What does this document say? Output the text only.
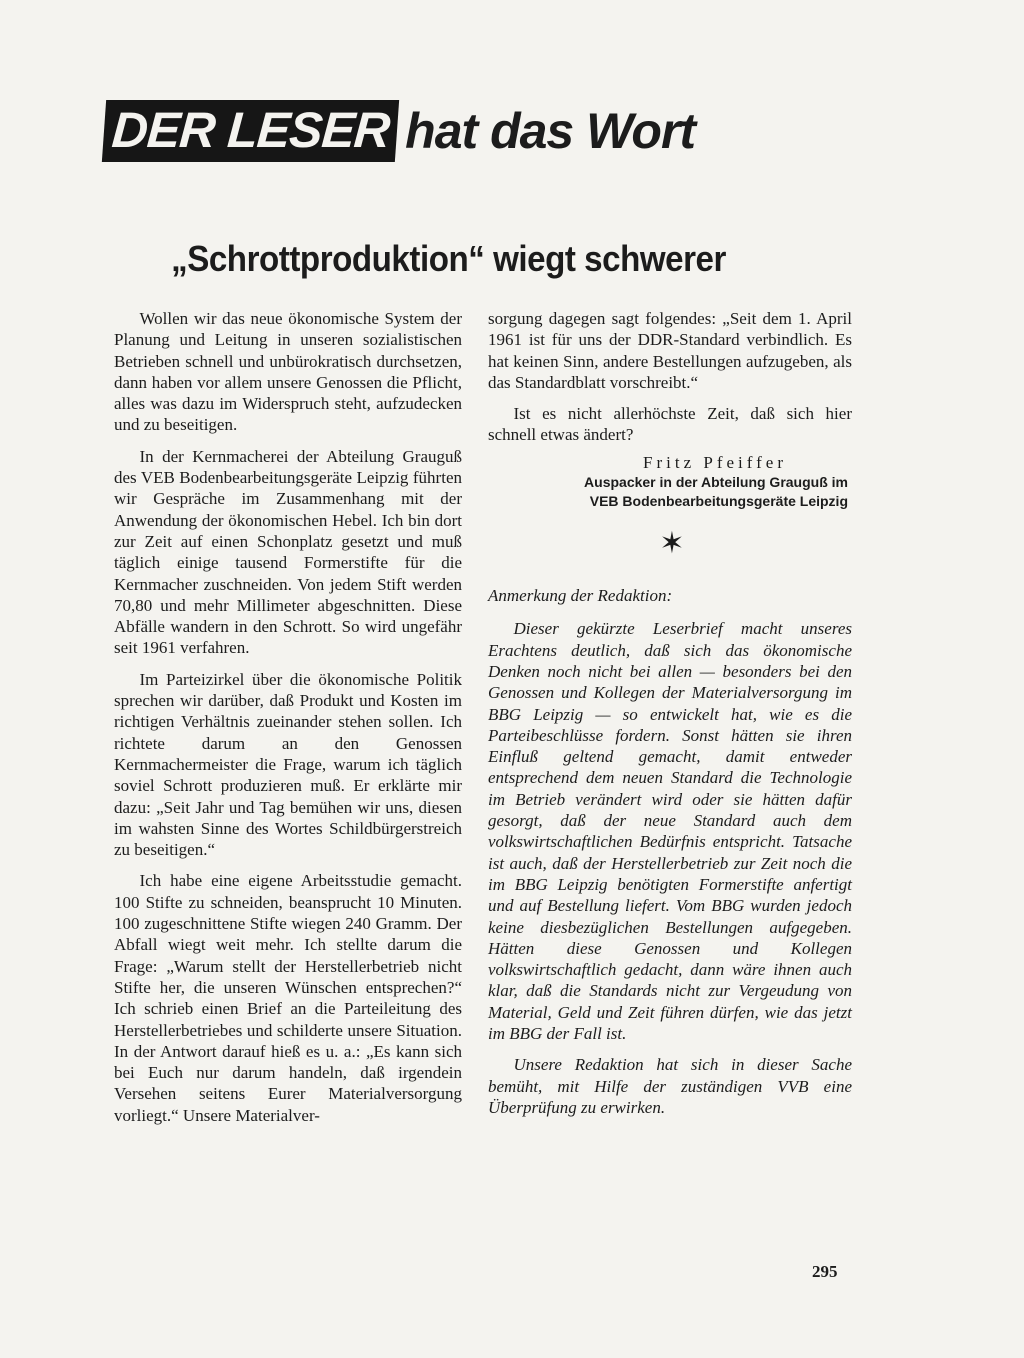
DER LESER hat das Wort
„Schrottproduktion“ wiegt schwerer

Wollen wir das neue ökonomische System der Planung und Leitung in unseren sozialistischen Betrieben schnell und unbürokratisch durchsetzen, dann haben vor allem unsere Genossen die Pflicht, alles was dazu im Widerspruch steht, aufzudecken und zu beseitigen.

In der Kernmacherei der Abteilung Grauguß des VEB Bodenbearbeitungsgeräte Leipzig führten wir Gespräche im Zusammenhang mit der Anwendung der ökonomischen Hebel. Ich bin dort zur Zeit auf einen Schonplatz gesetzt und muß täglich einige tausend Formerstifte für die Kernmacher zuschneiden. Von jedem Stift werden 70,80 und mehr Millimeter abgeschnitten. Diese Abfälle wandern in den Schrott. So wird ungefähr seit 1961 verfahren.

Im Parteizirkel über die ökonomische Politik sprechen wir darüber, daß Produkt und Kosten im richtigen Verhältnis zueinander stehen sollen. Ich richtete darum an den Genossen Kernmachermeister die Frage, warum ich täglich soviel Schrott produzieren muß. Er erklärte mir dazu: „Seit Jahr und Tag bemühen wir uns, diesen im wahsten Sinne des Wortes Schildbürgerstreich zu beseitigen.“

Ich habe eine eigene Arbeitsstudie gemacht. 100 Stifte zu schneiden, beansprucht 10 Minuten. 100 zugeschnittene Stifte wiegen 240 Gramm. Der Abfall wiegt weit mehr. Ich stellte darum die Frage: „Warum stellt der Herstellerbetrieb nicht Stifte her, die unseren Wünschen entsprechen?“ Ich schrieb einen Brief an die Parteileitung des Herstellerbetriebes und schilderte unsere Situation. In der Antwort darauf hieß es u. a.: „Es kann sich bei Euch nur darum handeln, daß irgendein Versehen seitens Eurer Materialversorgung vorliegt.“ Unsere Materialver-

sorgung dagegen sagt folgendes: „Seit dem 1. April 1961 ist für uns der DDR-Standard verbindlich. Es hat keinen Sinn, andere Bestellungen aufzugeben, als das Standardblatt vorschreibt.“

Ist es nicht allerhöchste Zeit, daß sich hier schnell etwas ändert?

Fritz Pfeiffer
Auspacker in der Abteilung Grauguß im
VEB Bodenbearbeitungsgeräte Leipzig
✶
Anmerkung der Redaktion:

Dieser gekürzte Leserbrief macht unseres Erachtens deutlich, daß sich das ökonomische Denken noch nicht bei allen — besonders bei den Genossen und Kollegen der Materialversorgung im BBG Leipzig — so entwickelt hat, wie es die Parteibeschlüsse fordern. Sonst hätten sie ihren Einfluß geltend gemacht, damit entweder entsprechend dem neuen Standard die Technologie im Betrieb verändert wird oder sie hätten dafür gesorgt, daß der neue Standard auch dem volkswirtschaftlichen Bedürfnis entspricht. Tatsache ist auch, daß der Herstellerbetrieb zur Zeit noch die im BBG Leipzig benötigten Formerstifte anfertigt und auf Bestellung liefert. Vom BBG wurden jedoch keine diesbezüglichen Bestellungen aufgegeben. Hätten diese Genossen und Kollegen volkswirtschaftlich gedacht, dann wäre ihnen auch klar, daß die Standards nicht zur Vergeudung von Material, Geld und Zeit führen dürfen, wie das jetzt im BBG der Fall ist.

Unsere Redaktion hat sich in dieser Sache bemüht, mit Hilfe der zuständigen VVB eine Überprüfung zu erwirken.

295
